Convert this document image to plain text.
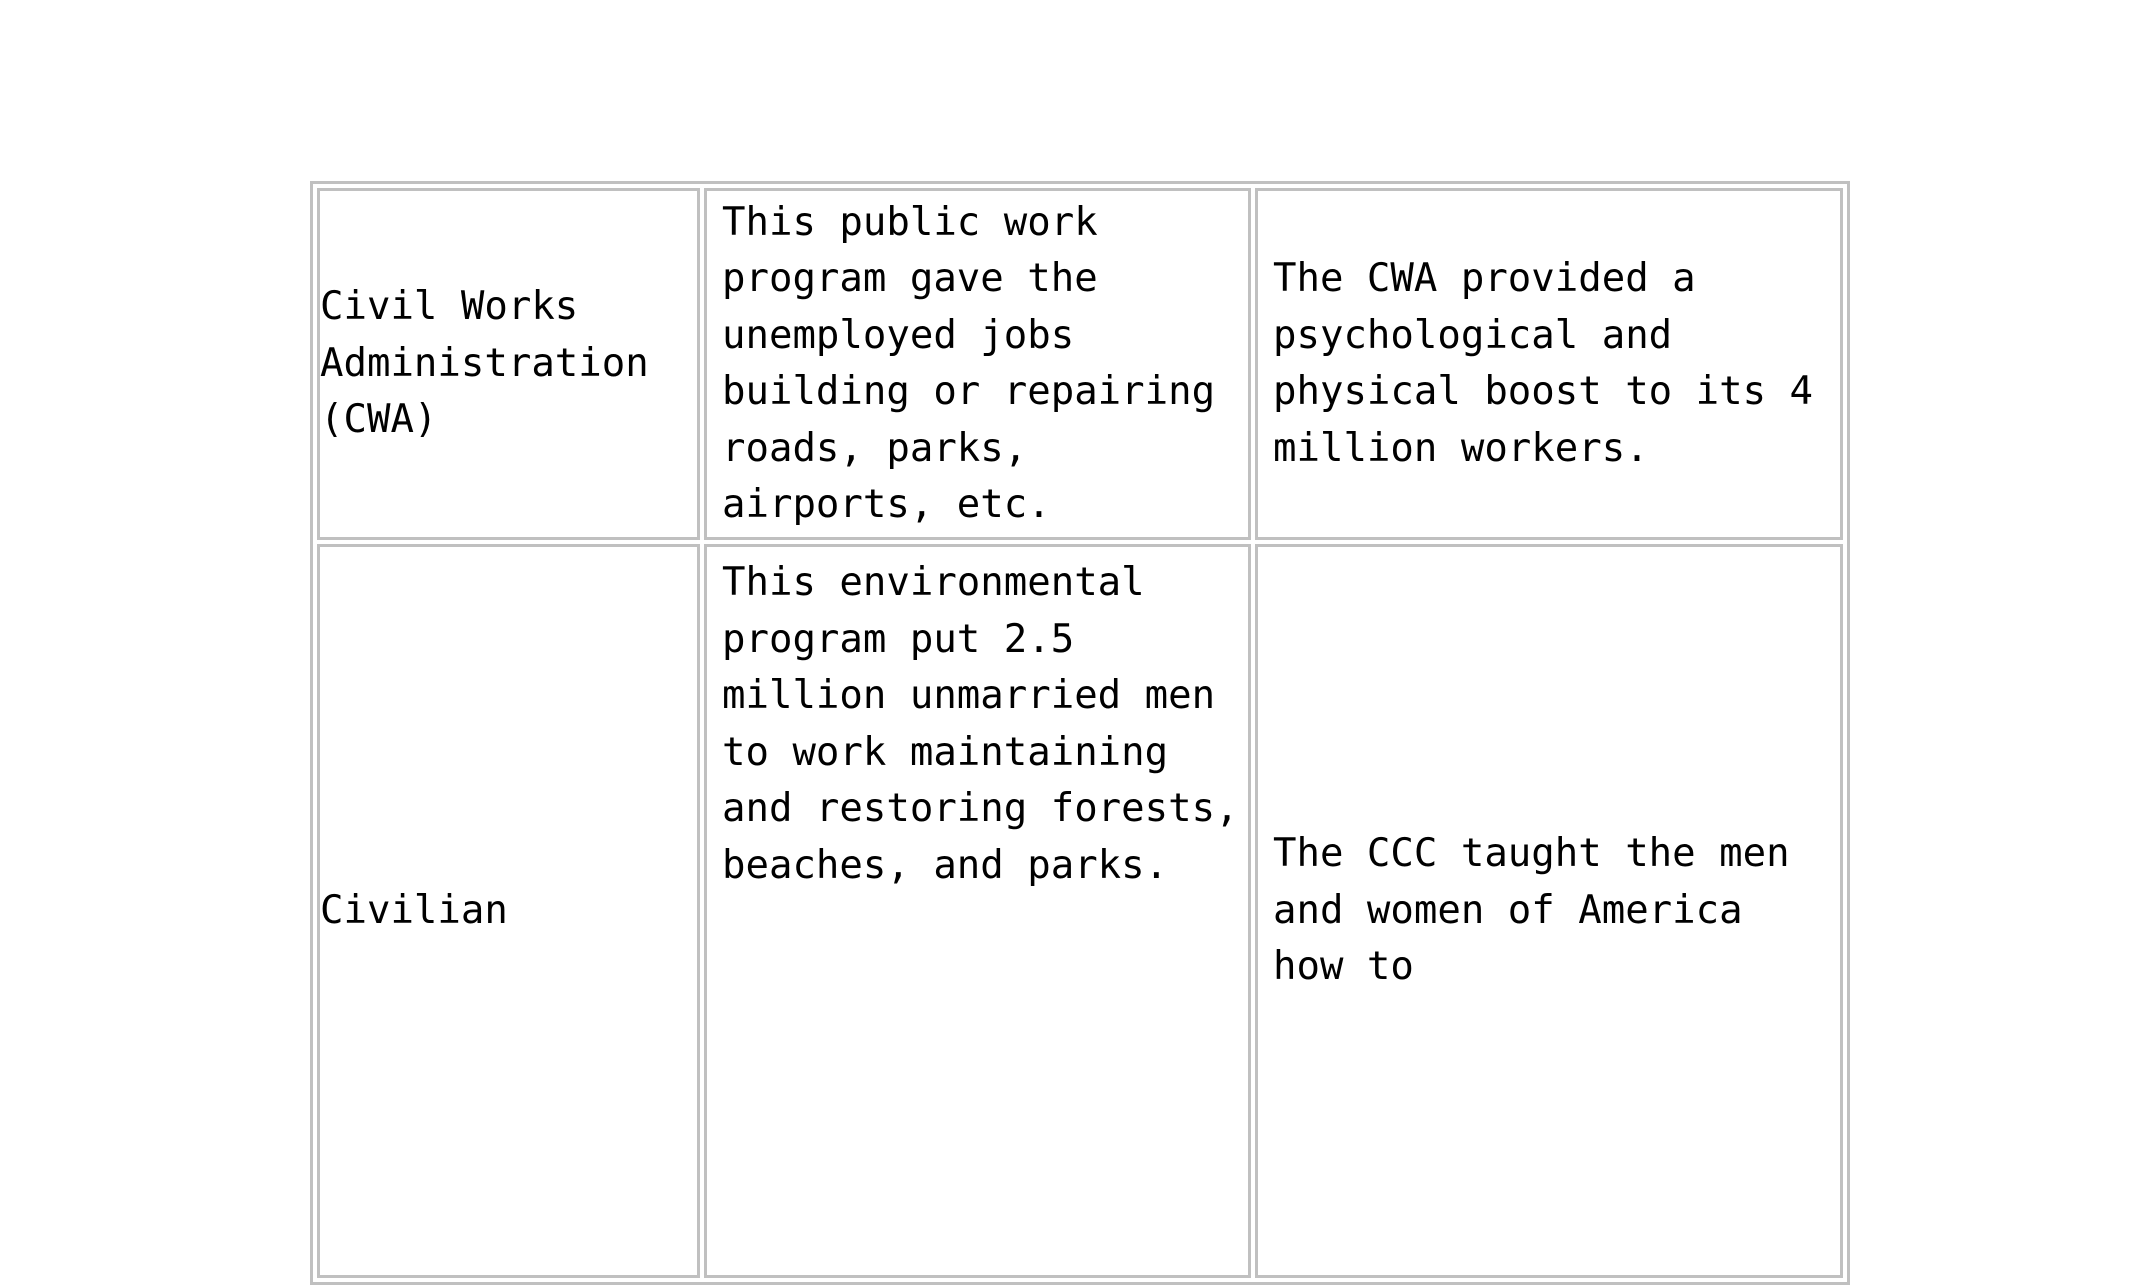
Civil Works Administration (CWA)	This public work program gave the unemployed jobs building or repairing roads, parks, airports, etc.	The CWA provided a psychological and physical boost to its 4 million workers.
Civilian	This environmental program put 2.5 million unmarried men to work maintaining and restoring forests, beaches, and parks.	The CCC taught the men and women of America how to
